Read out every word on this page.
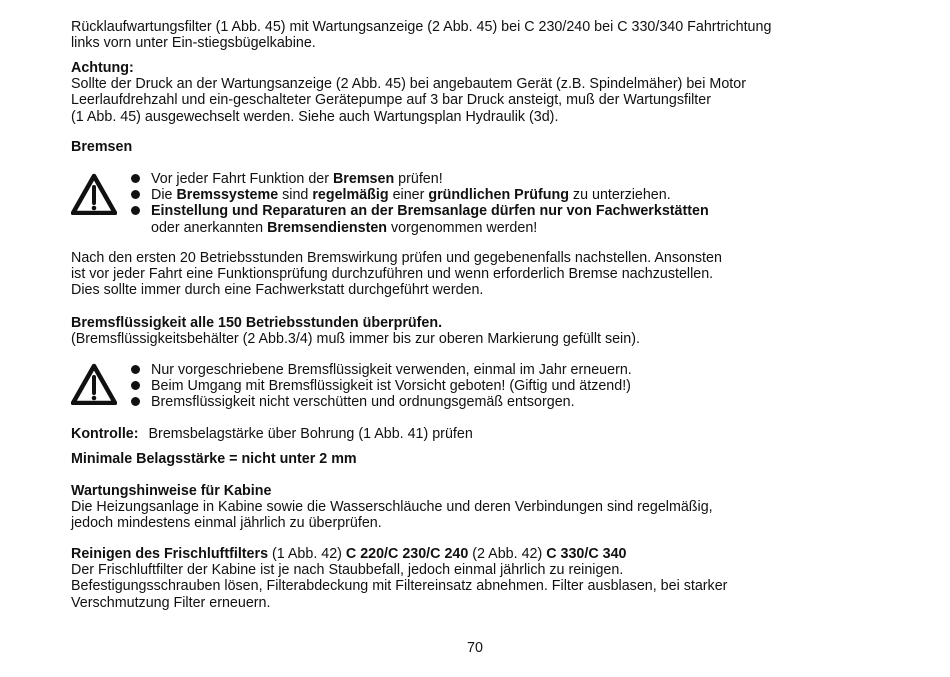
Rücklaufwartungsfilter (1 Abb. 45) mit Wartungsanzeige (2 Abb. 45) bei C 230/240 bei C 330/340 Fahrtrichtung
links vorn unter Ein-stiegsbügelkabine.
Achtung:
Sollte der Druck an der Wartungsanzeige (2 Abb. 45) bei angebautem Gerät (z.B. Spindelmäher) bei Motor
Leerlaufdrehzahl und ein-geschalteter Gerätepumpe auf 3 bar Druck ansteigt, muß der Wartungsfilter
(1 Abb. 45) ausgewechselt werden. Siehe auch Wartungsplan Hydraulik (3d).
Bremsen
Vor jeder Fahrt Funktion der Bremsen prüfen!
Die Bremssysteme sind regelmäßig einer gründlichen Prüfung zu unterziehen.
Einstellung und Reparaturen an der Bremsanlage dürfen nur von Fachwerkstätten
oder anerkannten Bremsendiensten vorgenommen werden!
Nach den ersten 20 Betriebsstunden Bremswirkung prüfen und gegebenenfalls nachstellen. Ansonsten
ist vor jeder Fahrt eine Funktionsprüfung durchzuführen und wenn erforderlich Bremse nachzustellen.
Dies sollte immer durch eine Fachwerkstatt durchgeführt werden.
Bremsflüssigkeit alle 150 Betriebsstunden überprüfen.
(Bremsflüssigkeitsbehälter (2 Abb.3/4) muß immer bis zur oberen Markierung gefüllt sein).
Nur vorgeschriebene Bremsflüssigkeit verwenden, einmal im Jahr erneuern.
Beim Umgang mit Bremsflüssigkeit ist Vorsicht geboten! (Giftig und ätzend!)
Bremsflüssigkeit nicht verschütten und ordnungsgemäß entsorgen.
Kontrolle: Bremsbelagstärke über Bohrung (1 Abb. 41) prüfen
Minimale Belagsstärke = nicht unter 2 mm
Wartungshinweise für Kabine
Die Heizungsanlage in Kabine sowie die Wasserschläuche und deren Verbindungen sind regelmäßig,
jedoch mindestens einmal jährlich zu überprüfen.
Reinigen des Frischluftfilters (1 Abb. 42) C 220/C 230/C 240 (2 Abb. 42) C 330/C 340
Der Frischluftfilter der Kabine ist je nach Staubbefall, jedoch einmal jährlich zu reinigen.
Befestigungsschrauben lösen, Filterabdeckung mit Filtereinsatz abnehmen. Filter ausblasen, bei starker
Verschmutzung Filter erneuern.
70
